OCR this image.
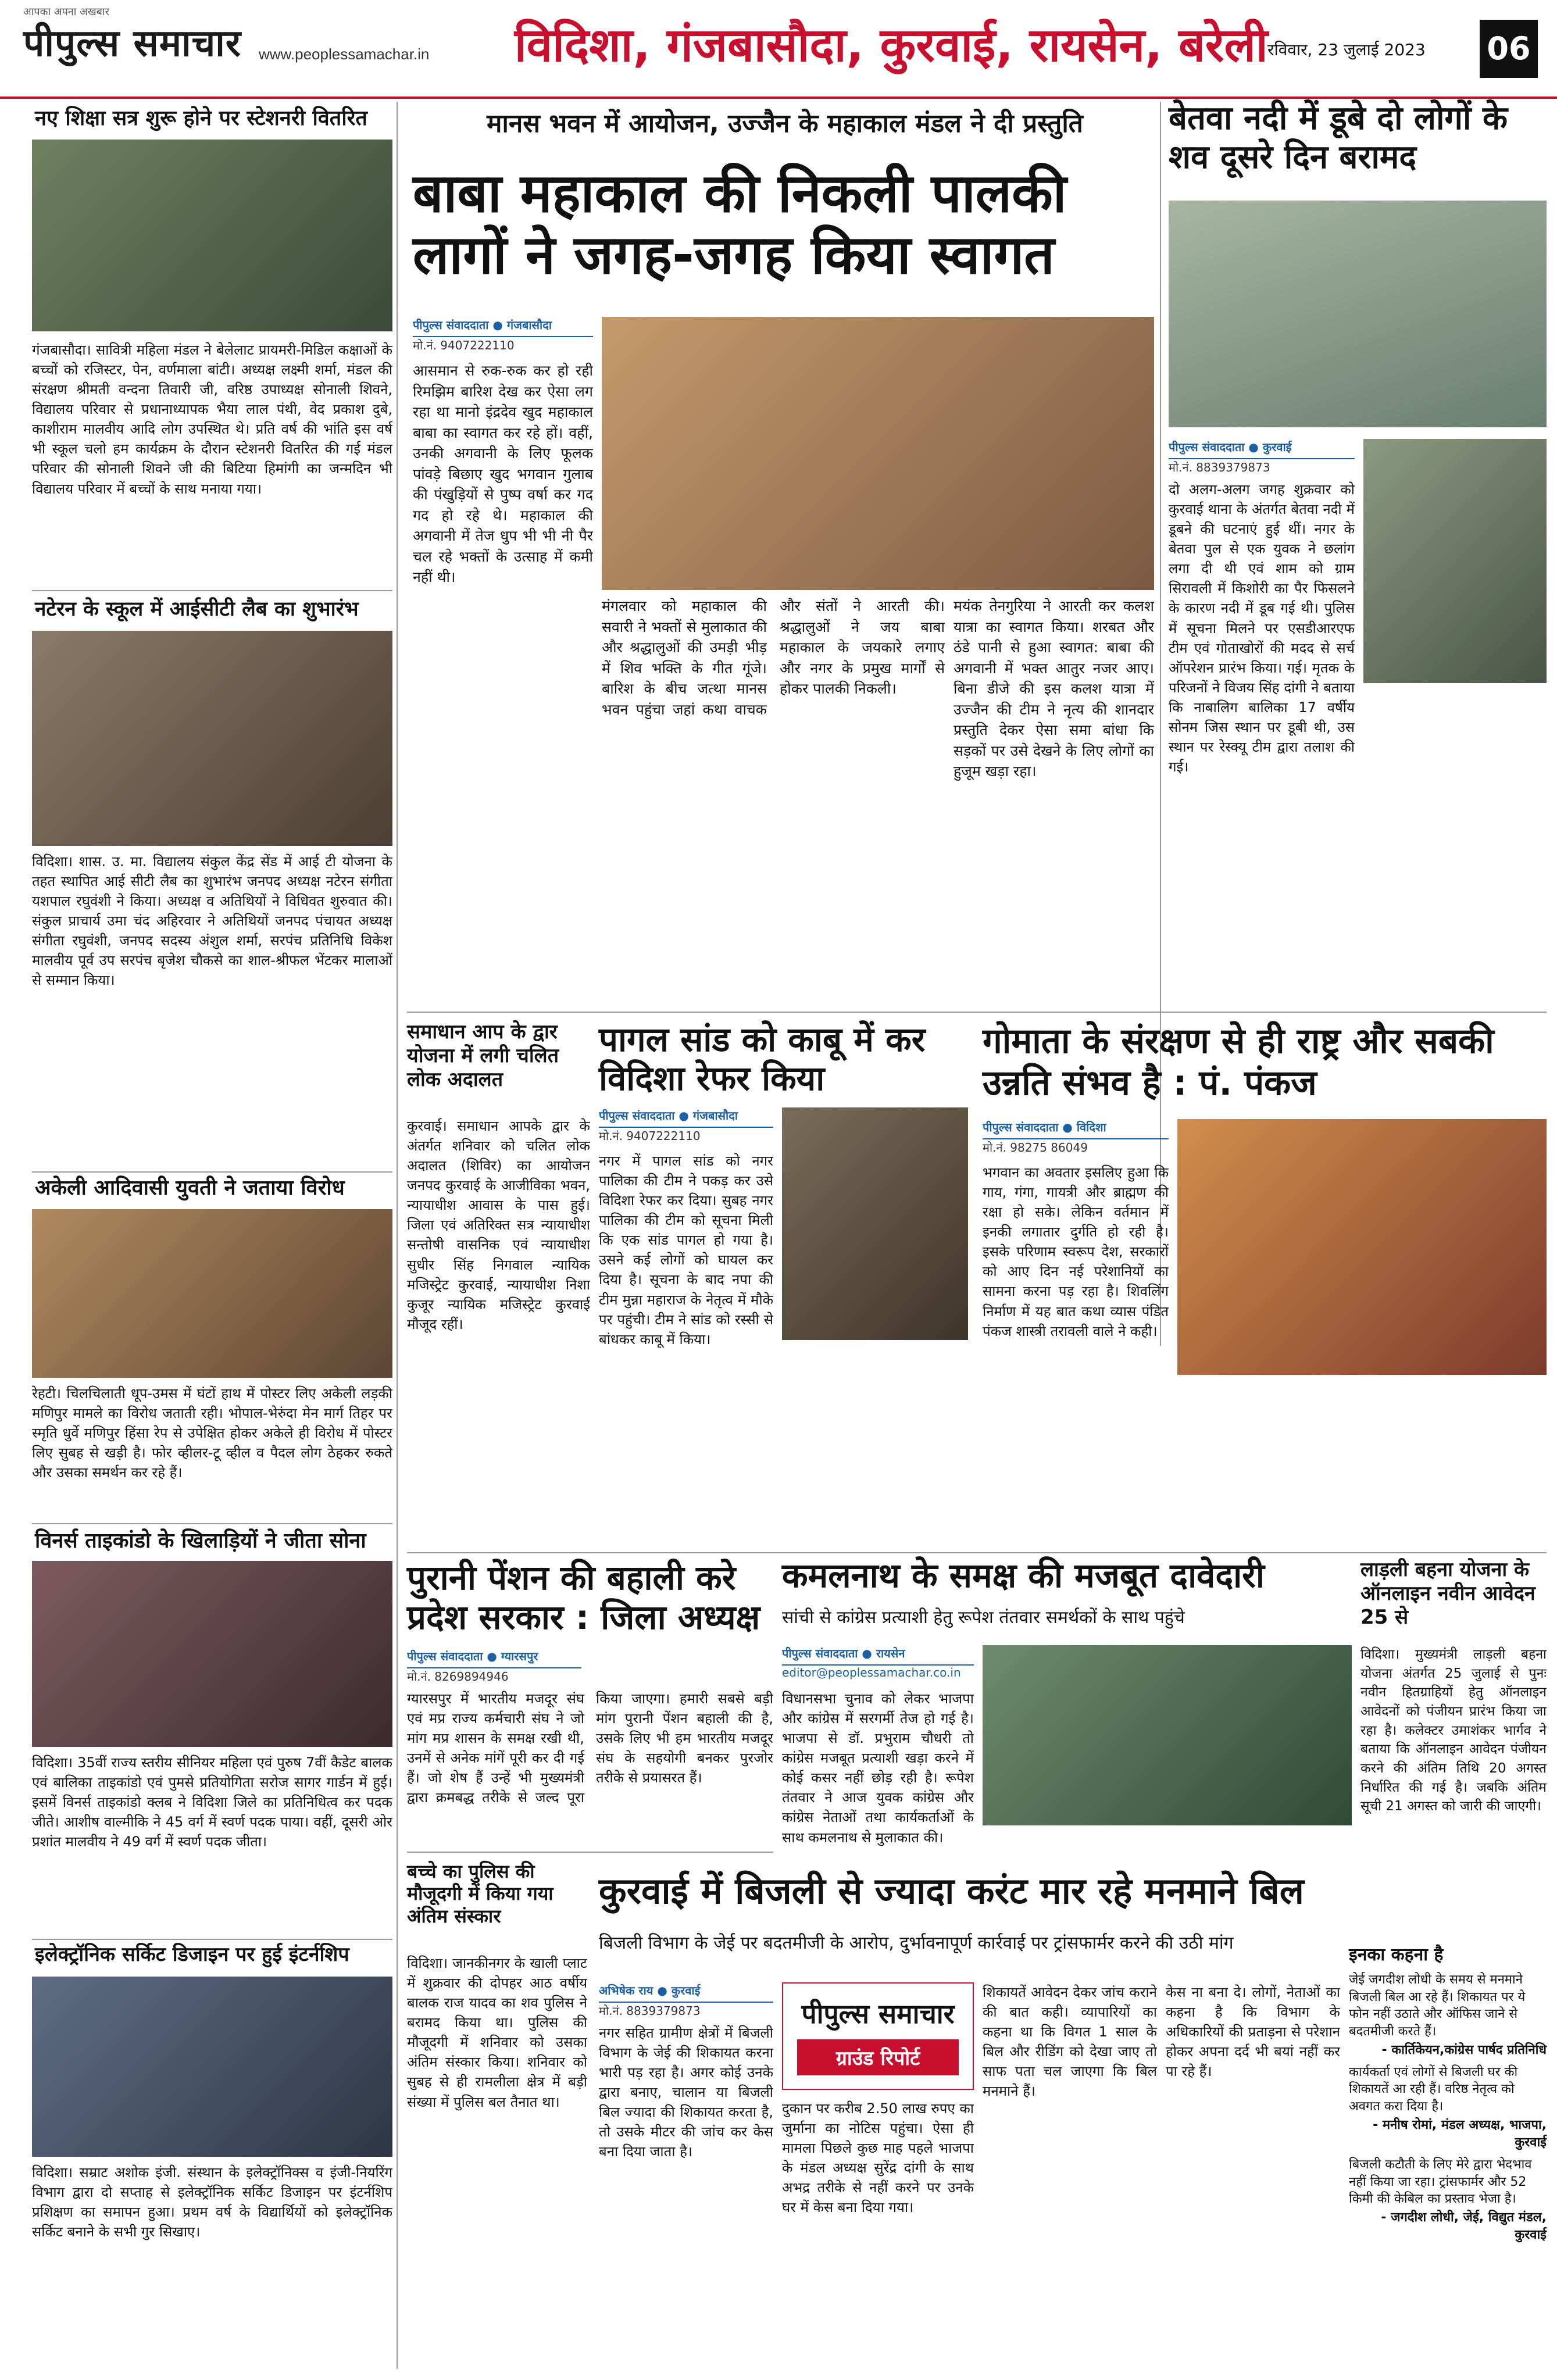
आपका अपना अखबार
पीपुल्स समाचार www.peoplessamachar.in विदिशा, गंजबासौदा, कुरवाई, रायसेन, बरेली रविवार, 23 जुलाई 2023 06
नए शिक्षा सत्र शुरू होने पर स्टेशनरी वितरित
गंजबासौदा। सावित्री महिला मंडल ने बेलेलाट प्रायमरी-मिडिल कक्षाओं के बच्चों को रजिस्टर, पेन, वर्णमाला बांटी। अध्यक्ष लक्ष्मी शर्मा, मंडल की संरक्षण श्रीमती वन्दना तिवारी जी, वरिष्ठ उपाध्यक्ष सोनाली शिवने, विद्यालय परिवार से प्रधानाध्यापक भैया लाल पंथी, वेद प्रकाश दुबे, काशीराम मालवीय आदि लोग उपस्थित थे। प्रति वर्ष की भांति इस वर्ष भी स्कूल चलो हम कार्यक्रम के दौरान स्टेशनरी वितरित की गई मंडल परिवार की सोनाली शिवने जी की बिटिया हिमांगी का जन्मदिन भी विद्यालय परिवार में बच्चों के साथ मनाया गया।
नटेरन के स्कूल में आईसीटी लैब का शुभारंभ
विदिशा। शास. उ. मा. विद्यालय संकुल केंद्र सेंड में आई टी योजना के तहत स्थापित आई सीटी लैब का शुभारंभ जनपद अध्यक्ष नटेरन संगीता यशपाल रघुवंशी ने किया। अध्यक्ष व अतिथियों ने विधिवत शुरुवात की। संकुल प्राचार्य उमा चंद अहिरवार ने अतिथियों जनपद पंचायत अध्यक्ष संगीता रघुवंशी, जनपद सदस्य अंशुल शर्मा, सरपंच प्रतिनिधि विकेश मालवीय पूर्व उप सरपंच बृजेश चौकसे का शाल-श्रीफल भेंटकर मालाओं से सम्मान किया।
अकेली आदिवासी युवती ने जताया विरोध
रेहटी। चिलचिलाती धूप-उमस में घंटों हाथ में पोस्टर लिए अकेली लड़की मणिपुर मामले का विरोध जताती रही। भोपाल-भेरुंदा मेन मार्ग तिहर पर स्मृति धुर्वे मणिपुर हिंसा रेप से उपेक्षित होकर अकेले ही विरोध में पोस्टर लिए सुबह से खड़ी है। फोर व्हीलर-टू व्हील व पैदल लोग ठेहकर रुकते और उसका समर्थन कर रहे हैं।
विनर्स ताइकांडो के खिलाड़ियों ने जीता सोना
विदिशा। 35वीं राज्य स्तरीय सीनियर महिला एवं पुरुष 7वीं कैडेट बालक एवं बालिका ताइकांडो एवं पुमसे प्रतियोगिता सरोज सागर गार्डन में हुई। इसमें विनर्स ताइकांडो क्लब ने विदिशा जिले का प्रतिनिधित्व कर पदक जीते। आशीष वाल्मीकि ने 45 वर्ग में स्वर्ण पदक पाया। वहीं, दूसरी ओर प्रशांत मालवीय ने 49 वर्ग में स्वर्ण पदक जीता।
इलेक्ट्रॉनिक सर्किट डिजाइन पर हुई इंटर्नशिप
विदिशा। सम्राट अशोक इंजी. संस्थान के इलेक्ट्रॉनिक्स व इंजी-नियरिंग विभाग द्वारा दो सप्ताह से इलेक्ट्रॉनिक सर्किट डिजाइन पर इंटर्नशिप प्रशिक्षण का समापन हुआ। प्रथम वर्ष के विद्यार्थियों को इलेक्ट्रॉनिक सर्किट बनाने के सभी गुर सिखाए।
मानस भवन में आयोजन, उज्जैन के महाकाल मंडल ने दी प्रस्तुति
बाबा महाकाल की निकली पालकी लागों ने जगह-जगह किया स्वागत
पीपुल्स संवाददाता ● गंजबासौदा
मो.नं. 9407222110
आसमान से रुक-रुक कर हो रही रिमझिम बारिश देख कर ऐसा लग रहा था मानो इंद्रदेव खुद महाकाल बाबा का स्वागत कर रहे हों। वहीं, उनकी अगवानी के लिए फूलक पांवड़े बिछाए खुद भगवान गुलाब की पंखुड़ियों से पुष्प वर्षा कर गद गद हो रहे थे। महाकाल की अगवानी में तेज धुप भी भी नी पैर चल रहे भक्तों के उत्साह में कमी नहीं थी।
मंगलवार को महाकाल की सवारी ने भक्तों से मुलाकात की और श्रद्धालुओं की उमड़ी भीड़ में शिव भक्ति के गीत गूंजे। बारिश के बीच जत्था मानस भवन पहुंचा जहां कथा वाचक और संतों ने आरती की। श्रद्धालुओं ने जय बाबा महाकाल के जयकारे लगाए और नगर के प्रमुख मार्गों से होकर पालकी निकली।
मयंक तेनगुरिया ने आरती कर कलश यात्रा का स्वागत किया। शरबत और ठंडे पानी से हुआ स्वागत: बाबा की अगवानी में भक्त आतुर नजर आए। बिना डीजे की इस कलश यात्रा में उज्जैन की टीम ने नृत्य की शानदार प्रस्तुति देकर ऐसा समा बांधा कि सड़कों पर उसे देखने के लिए लोगों का हुजूम खड़ा रहा।
बेतवा नदी में डूबे दो लोगों के शव दूसरे दिन बरामद
पीपुल्स संवाददाता ● कुरवाई
मो.नं. 8839379873
दो अलग-अलग जगह शुक्रवार को कुरवाई थाना के अंतर्गत बेतवा नदी में डूबने की घटनाएं हुई थीं। नगर के बेतवा पुल से एक युवक ने छलांग लगा दी थी एवं शाम को ग्राम सिरावली में किशोरी का पैर फिसलने के कारण नदी में डूब गई थी। पुलिस में सूचना मिलने पर एसडीआरएफ टीम एवं गोताखोरों की मदद से सर्च ऑपरेशन प्रारंभ किया। गई। मृतक के परिजनों ने विजय सिंह दांगी ने बताया कि नाबालिग बालिका 17 वर्षीय सोनम जिस स्थान पर डूबी थी, उस स्थान पर रेस्क्यू टीम द्वारा तलाश की गई।
समाधान आप के द्वार योजना में लगी चलित लोक अदालत
कुरवाई। समाधान आपके द्वार के अंतर्गत शनिवार को चलित लोक अदालत (शिविर) का आयोजन जनपद कुरवाई के आजीविका भवन, न्यायाधीश आवास के पास हुई। जिला एवं अतिरिक्त सत्र न्यायाधीश सन्तोषी वासनिक एवं न्यायाधीश सुधीर सिंह निगवाल न्यायिक मजिस्ट्रेट कुरवाई, न्यायाधीश निशा कुजूर न्यायिक मजिस्ट्रेट कुरवाई मौजूद रहीं।
पागल सांड को काबू में कर विदिशा रेफर किया
पीपुल्स संवाददाता ● गंजबासौदा
मो.नं. 9407222110
नगर में पागल सांड को नगर पालिका की टीम ने पकड़ कर उसे विदिशा रेफर कर दिया। सुबह नगर पालिका की टीम को सूचना मिली कि एक सांड पागल हो गया है। उसने कई लोगों को घायल कर दिया है। सूचना के बाद नपा की टीम मुन्ना महाराज के नेतृत्व में मौके पर पहुंची। टीम ने सांड को रस्सी से बांधकर काबू में किया।
गोमाता के संरक्षण से ही राष्ट्र और सबकी उन्नति संभव है : पं. पंकज
पीपुल्स संवाददाता ● विदिशा
मो.नं. 98275 86049
भगवान का अवतार इसलिए हुआ कि गाय, गंगा, गायत्री और ब्राह्मण की रक्षा हो सके। लेकिन वर्तमान में इनकी लगातार दुर्गति हो रही है। इसके परिणाम स्वरूप देश, सरकारों को आए दिन नई परेशानियों का सामना करना पड़ रहा है। शिवलिंग निर्माण में यह बात कथा व्यास पंडित पंकज शास्त्री तरावली वाले ने कही।
पुरानी पेंशन की बहाली करे प्रदेश सरकार : जिला अध्यक्ष
पीपुल्स संवाददाता ● ग्यारसपुर
मो.नं. 8269894946
ग्यारसपुर में भारतीय मजदूर संघ एवं मप्र राज्य कर्मचारी संघ ने जो मांग मप्र शासन के समक्ष रखी थी, उनमें से अनेक मांगें पूरी कर दी गई हैं। जो शेष हैं उन्हें भी मुख्यमंत्री द्वारा क्रमबद्ध तरीके से जल्द पूरा किया जाएगा। हमारी सबसे बड़ी मांग पुरानी पेंशन बहाली की है, उसके लिए भी हम भारतीय मजदूर संघ के सहयोगी बनकर पुरजोर तरीके से प्रयासरत हैं।
कमलनाथ के समक्ष की मजबूत दावेदारी
सांची से कांग्रेस प्रत्याशी हेतु रूपेश तंतवार समर्थकों के साथ पहुंचे
पीपुल्स संवाददाता ● रायसेन
editor@peoplessamachar.co.in
विधानसभा चुनाव को लेकर भाजपा और कांग्रेस में सरगर्मी तेज हो गई है। भाजपा से डॉ. प्रभुराम चौधरी तो कांग्रेस मजबूत प्रत्याशी खड़ा करने में कोई कसर नहीं छोड़ रही है। रूपेश तंतवार ने आज युवक कांग्रेस और कांग्रेस नेताओं तथा कार्यकर्ताओं के साथ कमलनाथ से मुलाकात की।
लाड़ली बहना योजना के ऑनलाइन नवीन आवेदन 25 से
विदिशा। मुख्यमंत्री लाड़ली बहना योजना अंतर्गत 25 जुलाई से पुनः नवीन हितग्राहियों हेतु ऑनलाइन आवेदनों को पंजीयन प्रारंभ किया जा रहा है। कलेक्टर उमाशंकर भार्गव ने बताया कि ऑनलाइन आवेदन पंजीयन करने की अंतिम तिथि 20 अगस्त निर्धारित की गई है। जबकि अंतिम सूची 21 अगस्त को जारी की जाएगी।
बच्चे का पुलिस की मौजूदगी में किया गया अंतिम संस्कार
विदिशा। जानकीनगर के खाली प्लाट में शुक्रवार की दोपहर आठ वर्षीय बालक राज यादव का शव पुलिस ने बरामद किया था। पुलिस की मौजूदगी में शनिवार को उसका अंतिम संस्कार किया। शनिवार को सुबह से ही रामलीला क्षेत्र में बड़ी संख्या में पुलिस बल तैनात था।
कुरवाई में बिजली से ज्यादा करंट मार रहे मनमाने बिल
बिजली विभाग के जेई पर बदतमीजी के आरोप, दुर्भावनापूर्ण कार्रवाई पर ट्रांसफार्मर करने की उठी मांग
अभिषेक राय ● कुरवाई
मो.नं. 8839379873
नगर सहित ग्रामीण क्षेत्रों में बिजली विभाग के जेई की शिकायत करना भारी पड़ रहा है। अगर कोई उनके द्वारा बनाए, चालान या बिजली बिल ज्यादा की शिकायत करता है, तो उसके मीटर की जांच कर केस बना दिया जाता है।
पीपुल्स समाचार
ग्राउंड रिपोर्ट
दुकान पर करीब 2.50 लाख रुपए का जुर्माना का नोटिस पहुंचा। ऐसा ही मामला पिछले कुछ माह पहले भाजपा के मंडल अध्यक्ष सुरेंद्र दांगी के साथ अभद्र तरीके से नहीं करने पर उनके घर में केस बना दिया गया।
शिकायतें आवेदन देकर जांच कराने की बात कही। व्यापारियों का कहना था कि विगत 1 साल के बिल और रीडिंग को देखा जाए तो साफ पता चल जाएगा कि बिल मनमाने हैं।
केस ना बना दे। लोगों, नेताओं का कहना है कि विभाग के अधिकारियों की प्रताड़ना से परेशान होकर अपना दर्द भी बयां नहीं कर पा रहे हैं।
इनका कहना है
जेई जगदीश लोधी के समय से मनमाने बिजली बिल आ रहे हैं। शिकायत पर ये फोन नहीं उठाते और ऑफिस जाने से बदतमीजी करते हैं।
- कार्तिकेयन,कांग्रेस पार्षद प्रतिनिधि
कार्यकर्ता एवं लोगों से बिजली घर की शिकायतें आ रही हैं। वरिष्ठ नेतृत्व को अवगत करा दिया है।
- मनीष रोमां, मंडल अध्यक्ष, भाजपा, कुरवाई
बिजली कटौती के लिए मेरे द्वारा भेदभाव नहीं किया जा रहा। ट्रांसफार्मर और 52 किमी की केबिल का प्रस्ताव भेजा है।
- जगदीश लोधी, जेई, विद्युत मंडल, कुरवाई
